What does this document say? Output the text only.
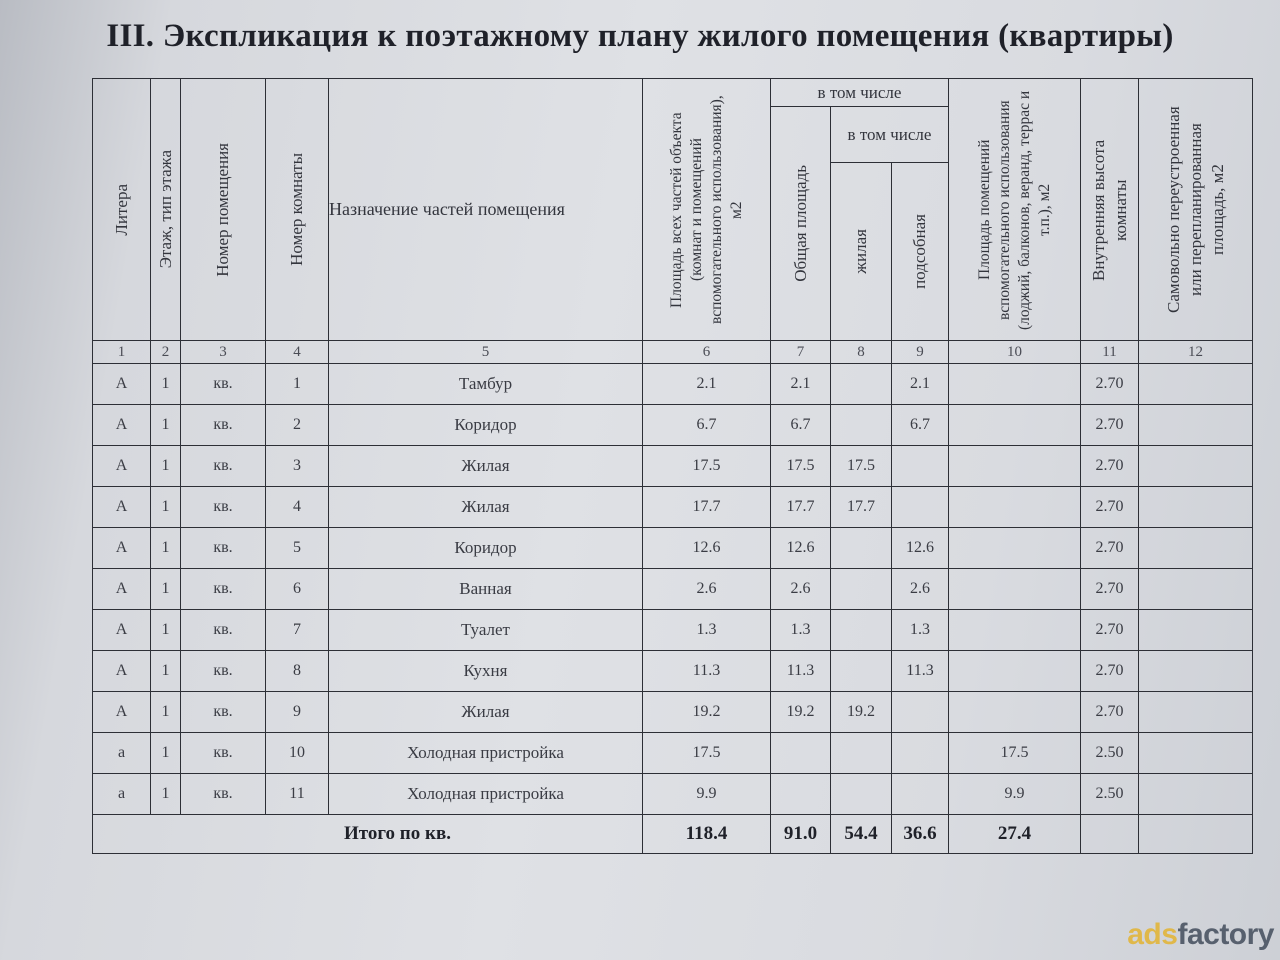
III. Экспликация к поэтажному плану жилого помещения (квартиры)
Литера	Этаж, тип этажа	Номер помещения	Номер комнаты	Назначение частей помещения	Площадь всех частей объекта (комнат и помещений вспомогательного использования), м2	в том числе			Площадь помещений вспомогательного использования (лоджий, балконов, веранд, террас и т.п.), м2	Внутренняя высота комнаты	Самовольно переустроенная или перепланированная площадь, м2

						Общая площадь	в том числе				

							жилая	подсобная			

1	2	3	4	5	6	7	8	9	10	11	12
А	1	кв.	1	Тамбур	2.1	2.1		2.1		2.70	
А	1	кв.	2	Коридор	6.7	6.7		6.7		2.70	
А	1	кв.	3	Жилая	17.5	17.5	17.5			2.70	
А	1	кв.	4	Жилая	17.7	17.7	17.7			2.70	
А	1	кв.	5	Коридор	12.6	12.6		12.6		2.70	
А	1	кв.	6	Ванная	2.6	2.6		2.6		2.70	
А	1	кв.	7	Туалет	1.3	1.3		1.3		2.70	
А	1	кв.	8	Кухня	11.3	11.3		11.3		2.70	
А	1	кв.	9	Жилая	19.2	19.2	19.2			2.70	
а	1	кв.	10	Холодная пристройка	17.5				17.5	2.50	
а	1	кв.	11	Холодная пристройка	9.9				9.9	2.50	
Итого по кв.					118.4	91.0	54.4	36.6	27.4		
adsfactory
